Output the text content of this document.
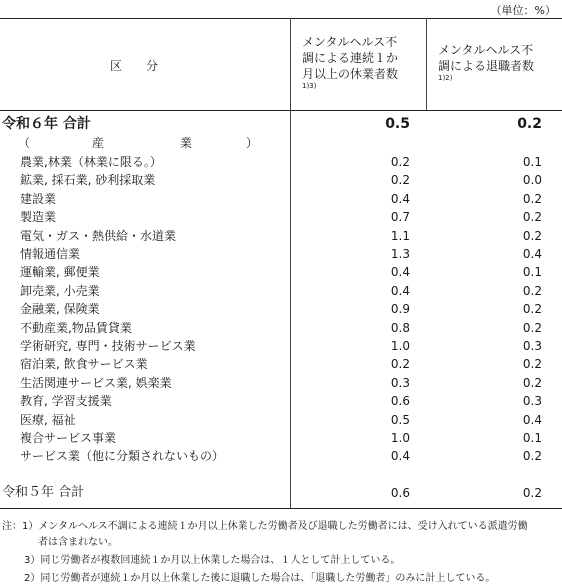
（単位：%）
区　　分
メンタルヘルス不
調による連続１か
月以上の休業者数
1)3)
メンタルヘルス不
調による退職者数
1)2)
令和６年 合計	0.5	0.2
（	産	業	）
農業,林業（林業に限る。）	0.2	0.1
鉱業, 採石業, 砂利採取業	0.2	0.0
建設業	0.4	0.2
製造業	0.7	0.2
電気・ガス・熱供給・水道業	1.1	0.2
情報通信業	1.3	0.4
運輸業, 郵便業	0.4	0.1
卸売業, 小売業	0.4	0.2
金融業, 保険業	0.9	0.2
不動産業,物品賃貸業	0.8	0.2
学術研究, 専門・技術サービス業	1.0	0.3
宿泊業, 飲食サービス業	0.2	0.2
生活関連サービス業, 娯楽業	0.3	0.2
教育, 学習支援業	0.6	0.3
医療, 福祉	0.5	0.4
複合サービス事業	1.0	0.1
サービス業（他に分類されないもの）	0.4	0.2
令和５年 合計	0.6	0.2
注：1）メンタルヘルス不調による連続１か月以上休業した労働者及び退職した労働者には、受け入れている派遣労働
者は含まれない。
3）同じ労働者が複数回連続１か月以上休業した場合は、１人として計上している。
2）同じ労働者が連続１か月以上休業した後に退職した場合は、「退職した労働者」のみに計上している。
